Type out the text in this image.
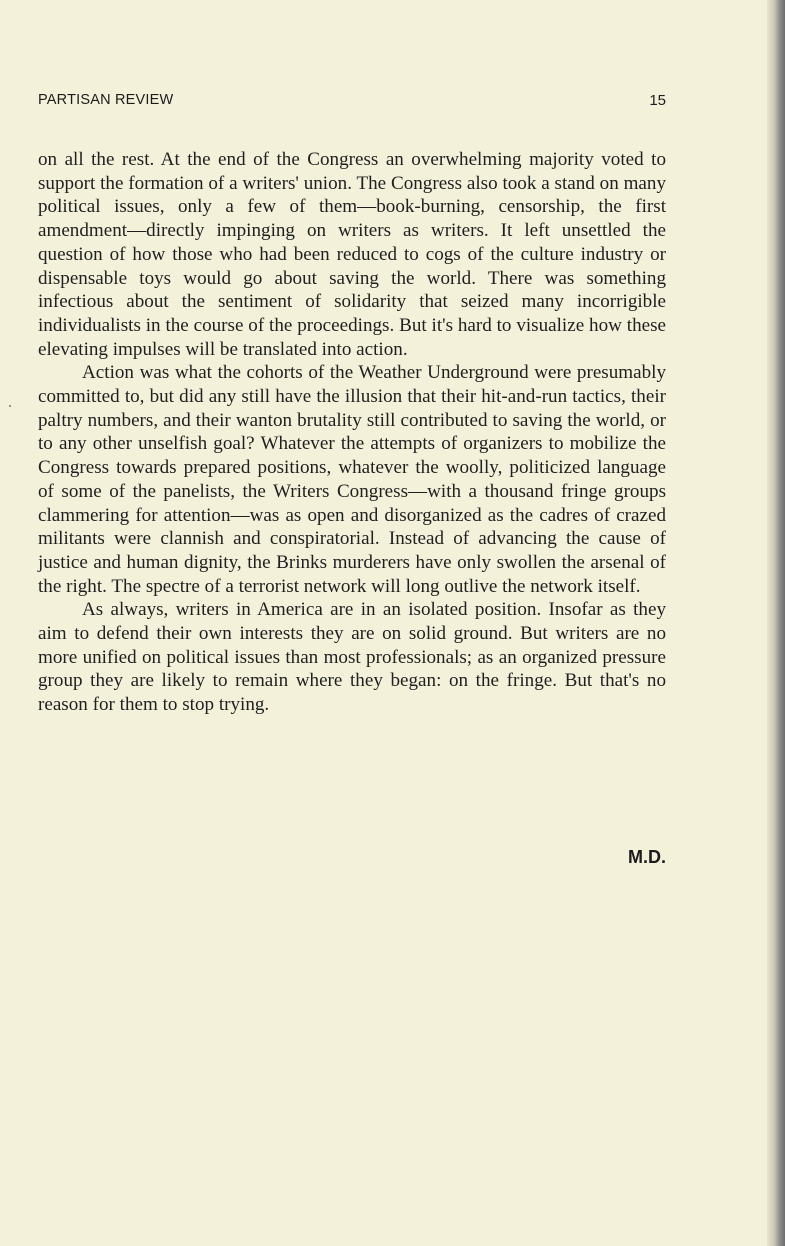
PARTISAN REVIEW	15

on all the rest. At the end of the Congress an overwhelming majority voted to support the formation of a writers' union. The Congress also took a stand on many political issues, only a few of them—book-burning, censorship, the first amendment—directly impinging on writers as writers. It left unsettled the question of how those who had been reduced to cogs of the culture industry or dispensable toys would go about saving the world. There was something infectious about the sentiment of solidarity that seized many incorrigible individualists in the course of the proceedings. But it's hard to visualize how these elevating impulses will be translated into action.

Action was what the cohorts of the Weather Underground were presumably committed to, but did any still have the illusion that their hit-and-run tactics, their paltry numbers, and their wanton brutality still contributed to saving the world, or to any other unselfish goal? Whatever the attempts of organizers to mobilize the Congress towards prepared positions, whatever the woolly, politicized language of some of the panelists, the Writers Congress—with a thousand fringe groups clammering for attention—was as open and disorganized as the cadres of crazed militants were clannish and conspiratorial. Instead of advancing the cause of justice and human dignity, the Brinks murderers have only swollen the arsenal of the right. The spectre of a terrorist network will long outlive the network itself.

As always, writers in America are in an isolated position. Insofar as they aim to defend their own interests they are on solid ground. But writers are no more unified on political issues than most professionals; as an organized pressure group they are likely to remain where they began: on the fringe. But that's no reason for them to stop trying.

M.D.
